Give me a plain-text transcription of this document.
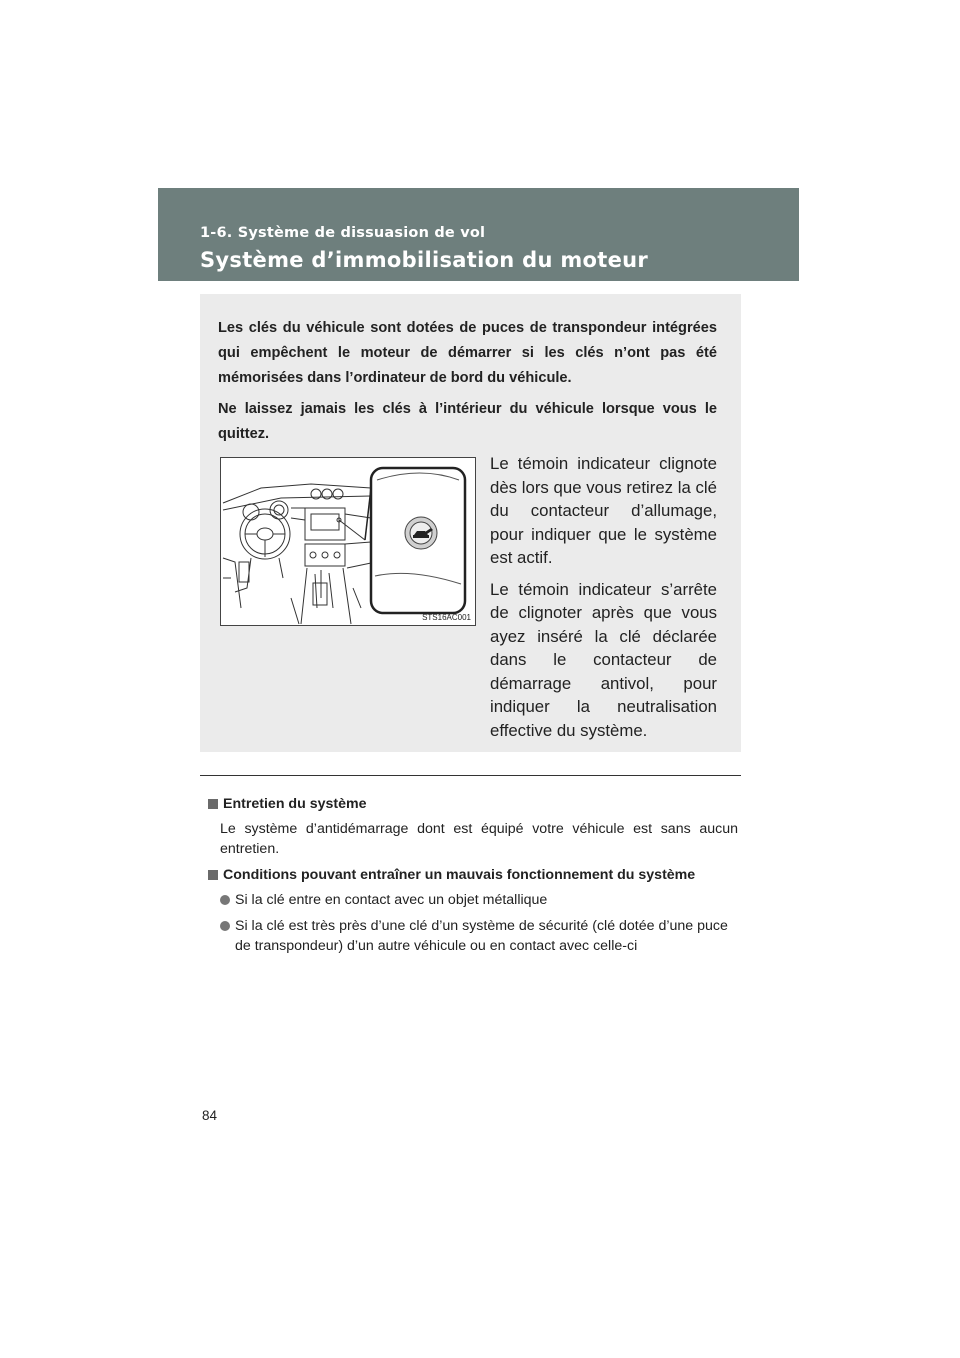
1-6. Système de dissuasion de vol
Système d’immobilisation du moteur

Les clés du véhicule sont dotées de puces de transpondeur intégrées qui empêchent le moteur de démarrer si les clés n’ont pas été mémorisées dans l’ordinateur de bord du véhicule.

Ne laissez jamais les clés à l’intérieur du véhicule lorsque vous le quittez.

STS16AC001

Le témoin indicateur clignote dès lors que vous retirez la clé du contacteur d’allumage, pour indiquer que le système est actif.

Le témoin indicateur s’arrête de clignoter après que vous ayez inséré la clé déclarée dans le contacteur de démarrage antivol, pour indiquer la neutralisation effective du système.

Entretien du système
Le système d’antidémarrage dont est équipé votre véhicule est sans aucun entretien.
Conditions pouvant entraîner un mauvais fonctionnement du système
Si la clé entre en contact avec un objet métallique
Si la clé est très près d’une clé d’un système de sécurité (clé dotée d’une puce de transpondeur) d’un autre véhicule ou en contact avec celle-ci
84
